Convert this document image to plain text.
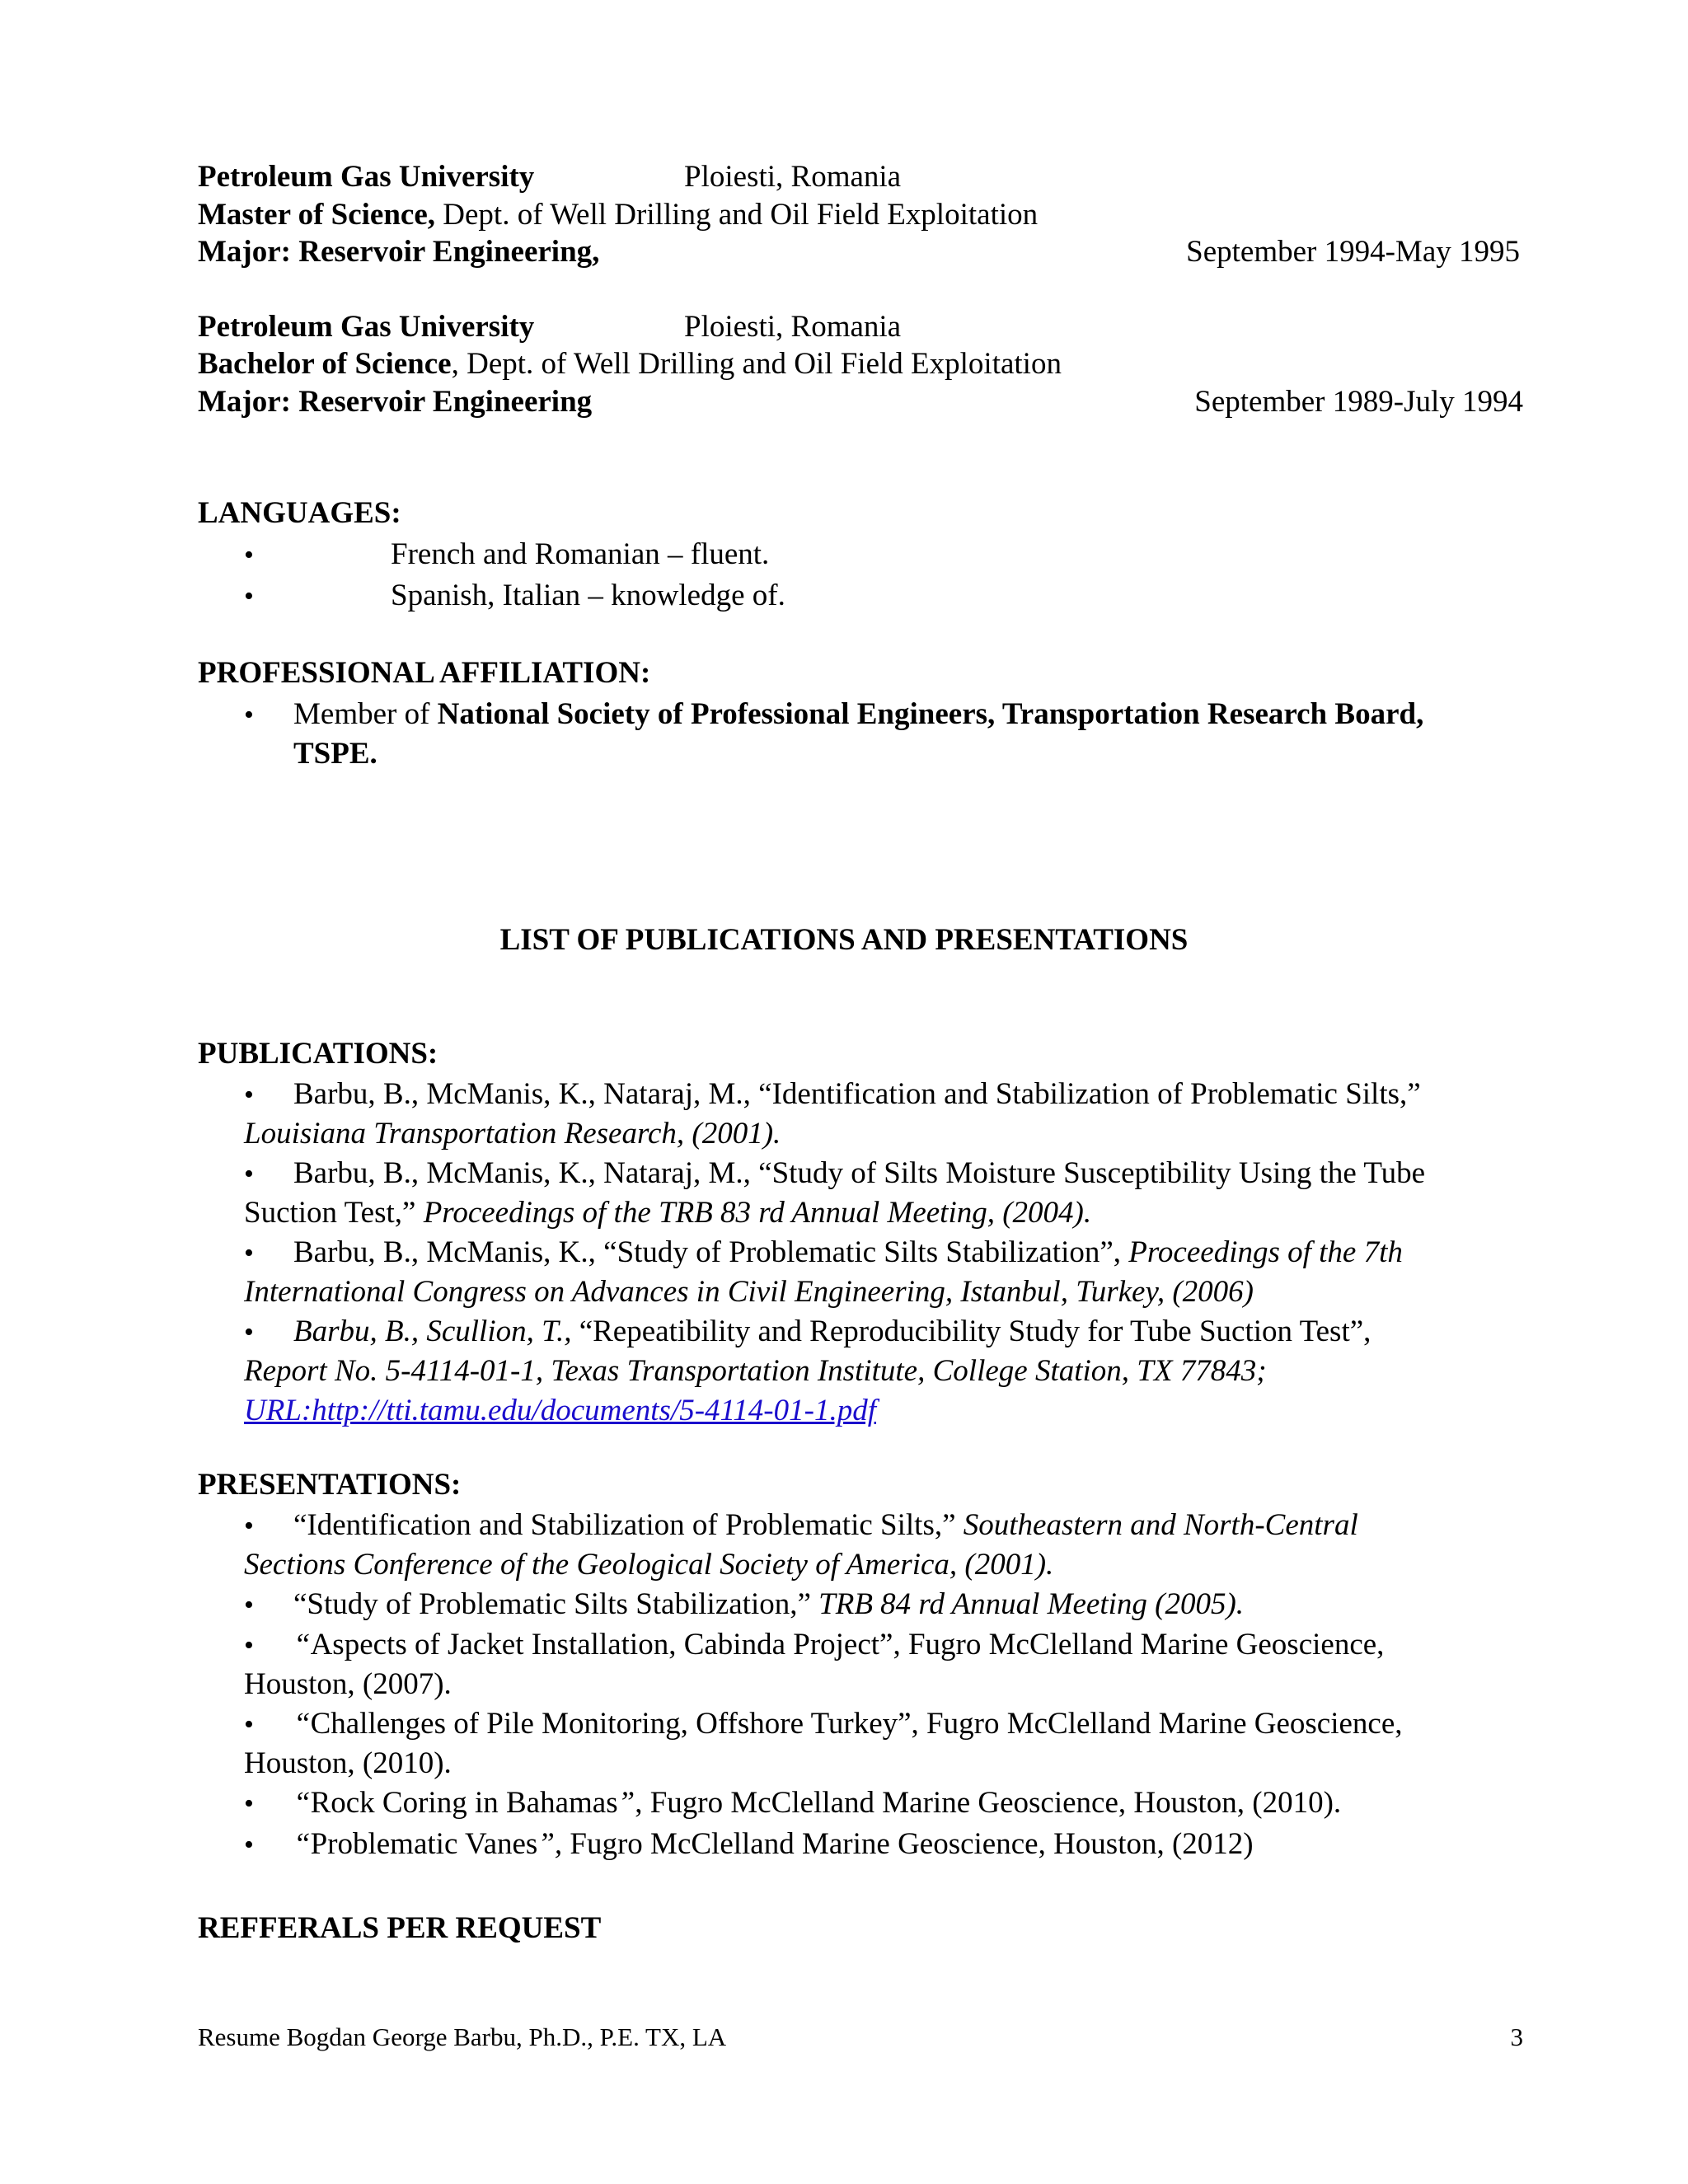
Petroleum Gas University	Ploiesti, Romania
Master of Science, Dept. of Well Drilling and Oil Field Exploitation
Major: Reservoir Engineering,	September 1994-May 1995
Petroleum Gas University	Ploiesti, Romania
Bachelor of Science, Dept. of Well Drilling and Oil Field Exploitation
Major: Reservoir Engineering	September 1989-July 1994
LANGUAGES:
•	French and Romanian – fluent.
•	Spanish, Italian – knowledge of.
PROFESSIONAL AFFILIATION:
• Member of National Society of Professional Engineers, Transportation Research Board,
TSPE.
LIST OF PUBLICATIONS AND PRESENTATIONS
PUBLICATIONS:
• Barbu, B., McManis, K., Nataraj, M., “Identification and Stabilization of Problematic Silts,”
Louisiana Transportation Research, (2001).
• Barbu, B., McManis, K., Nataraj, M., “Study of Silts Moisture Susceptibility Using the Tube
Suction Test,” Proceedings of the TRB 83 rd Annual Meeting, (2004).
• Barbu, B., McManis, K., “Study of Problematic Silts Stabilization”, Proceedings of the 7th
International Congress on Advances in Civil Engineering, Istanbul, Turkey, (2006)
• Barbu, B., Scullion, T., “Repeatibility and Reproducibility Study for Tube Suction Test”,
Report No. 5-4114-01-1, Texas Transportation Institute, College Station, TX 77843;
URL:http://tti.tamu.edu/documents/5-4114-01-1.pdf
PRESENTATIONS:
• “Identification and Stabilization of Problematic Silts,” Southeastern and North-Central
Sections Conference of the Geological Society of America, (2001).
• “Study of Problematic Silts Stabilization,” TRB 84 rd Annual Meeting (2005).
• “Aspects of Jacket Installation, Cabinda Project”, Fugro McClelland Marine Geoscience,
Houston, (2007).
• “Challenges of Pile Monitoring, Offshore Turkey”, Fugro McClelland Marine Geoscience,
Houston, (2010).
• “Rock Coring in Bahamas”, Fugro McClelland Marine Geoscience, Houston, (2010).
• “Problematic Vanes”, Fugro McClelland Marine Geoscience, Houston, (2012)
REFFERALS PER REQUEST
Resume Bogdan George Barbu, Ph.D., P.E. TX, LA	3
